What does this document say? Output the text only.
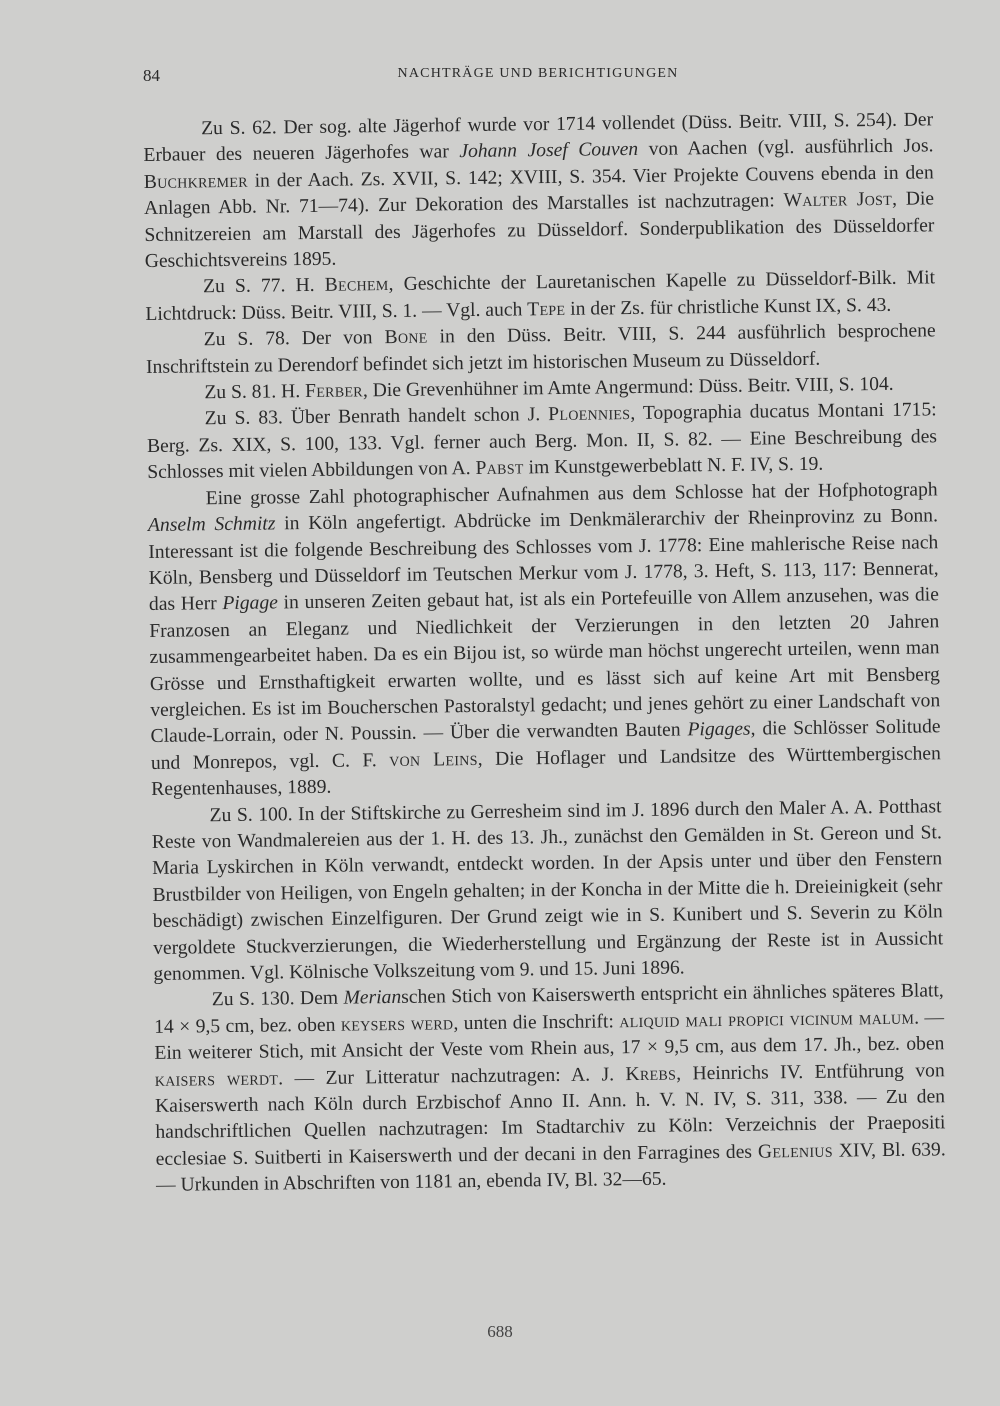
84	NACHTRÄGE UND BERICHTIGUNGEN

Zu S. 62. Der sog. alte Jägerhof wurde vor 1714 vollendet (Düss. Beitr. VIII, S. 254). Der Erbauer des neueren Jägerhofes war Johann Josef Couven von Aachen (vgl. ausführlich Jos. Buchkremer in der Aach. Zs. XVII, S. 142; XVIII, S. 354. Vier Projekte Couvens ebenda in den Anlagen Abb. Nr. 71—74). Zur Dekoration des Marstalles ist nachzutragen: Walter Jost, Die Schnitzereien am Marstall des Jägerhofes zu Düsseldorf. Sonderpublikation des Düsseldorfer Geschichtsvereins 1895.

Zu S. 77. H. Bechem, Geschichte der Lauretanischen Kapelle zu Düsseldorf-Bilk. Mit Lichtdruck: Düss. Beitr. VIII, S. 1. — Vgl. auch Tepe in der Zs. für christliche Kunst IX, S. 43.

Zu S. 78. Der von Bone in den Düss. Beitr. VIII, S. 244 ausführlich besprochene Inschriftstein zu Derendorf befindet sich jetzt im historischen Museum zu Düsseldorf.

Zu S. 81. H. Ferber, Die Grevenhühner im Amte Angermund: Düss. Beitr. VIII, S. 104.

Zu S. 83. Über Benrath handelt schon J. Ploennies, Topographia ducatus Montani 1715: Berg. Zs. XIX, S. 100, 133. Vgl. ferner auch Berg. Mon. II, S. 82. — Eine Beschreibung des Schlosses mit vielen Abbildungen von A. Pabst im Kunstgewerbeblatt N. F. IV, S. 19.

Eine grosse Zahl photographischer Aufnahmen aus dem Schlosse hat der Hofphotograph Anselm Schmitz in Köln angefertigt. Abdrücke im Denkmälerarchiv der Rheinprovinz zu Bonn. Interessant ist die folgende Beschreibung des Schlosses vom J. 1778: Eine mahlerische Reise nach Köln, Bensberg und Düsseldorf im Teutschen Merkur vom J. 1778, 3. Heft, S. 113, 117: Bennerat, das Herr Pigage in unseren Zeiten gebaut hat, ist als ein Portefeuille von Allem anzusehen, was die Franzosen an Eleganz und Niedlichkeit der Verzierungen in den letzten 20 Jahren zusammengearbeitet haben. Da es ein Bijou ist, so würde man höchst ungerecht urteilen, wenn man Grösse und Ernsthaftigkeit erwarten wollte, und es lässt sich auf keine Art mit Bensberg vergleichen. Es ist im Boucherschen Pastoralstyl gedacht; und jenes gehört zu einer Landschaft von Claude-Lorrain, oder N. Poussin. — Über die verwandten Bauten Pigages, die Schlösser Solitude und Monrepos, vgl. C. F. von Leins, Die Hoflager und Landsitze des Württembergischen Regentenhauses, 1889.

Zu S. 100. In der Stiftskirche zu Gerresheim sind im J. 1896 durch den Maler A. A. Potthast Reste von Wandmalereien aus der 1. H. des 13. Jh., zunächst den Gemälden in St. Gereon und St. Maria Lyskirchen in Köln verwandt, entdeckt worden. In der Apsis unter und über den Fenstern Brustbilder von Heiligen, von Engeln gehalten; in der Koncha in der Mitte die h. Dreieinigkeit (sehr beschädigt) zwischen Einzelfiguren. Der Grund zeigt wie in S. Kunibert und S. Severin zu Köln vergoldete Stuckverzierungen, die Wiederherstellung und Ergänzung der Reste ist in Aussicht genommen. Vgl. Kölnische Volkszeitung vom 9. und 15. Juni 1896.

Zu S. 130. Dem Merianschen Stich von Kaiserswerth entspricht ein ähnliches späteres Blatt, 14 × 9,5 cm, bez. oben keysers werd, unten die Inschrift: aliquid mali propici vicinum malum. — Ein weiterer Stich, mit Ansicht der Veste vom Rhein aus, 17 × 9,5 cm, aus dem 17. Jh., bez. oben kaisers werdt. — Zur Litteratur nachzutragen: A. J. Krebs, Heinrichs IV. Entführung von Kaiserswerth nach Köln durch Erzbischof Anno II. Ann. h. V. N. IV, S. 311, 338. — Zu den handschriftlichen Quellen nachzutragen: Im Stadtarchiv zu Köln: Verzeichnis der Praepositi ecclesiae S. Suitberti in Kaiserswerth und der decani in den Farragines des Gelenius XIV, Bl. 639. — Urkunden in Abschriften von 1181 an, ebenda IV, Bl. 32—65.

688
